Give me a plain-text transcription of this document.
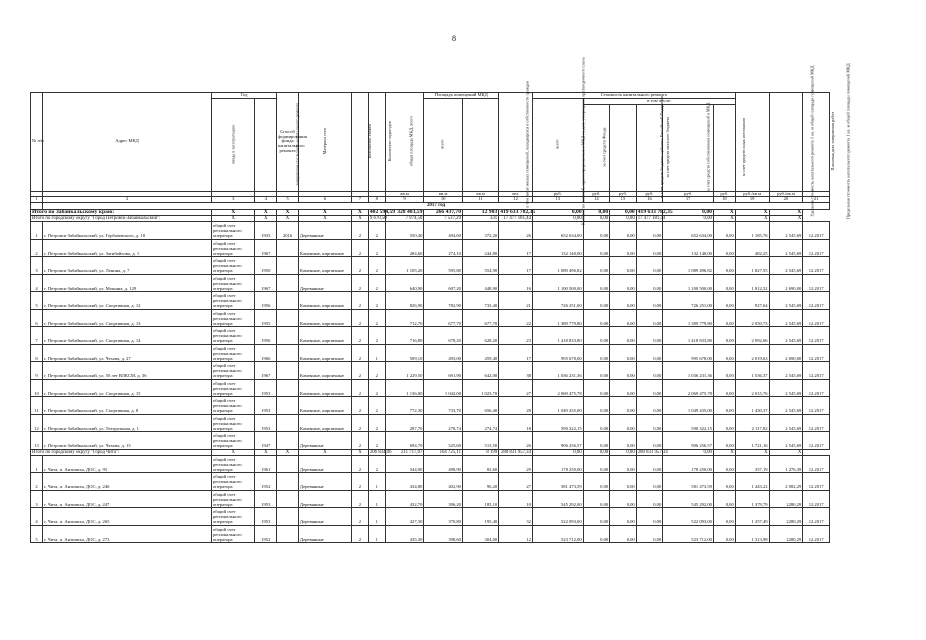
8
№ п/п	Адрес МКД	Год		Способ формирования фонда капитального ремонта	Материал стен	Количество этажей	Количество подъездов	общая площадь МКД, всего	Площадь помещений МКД		Количество жителей, зарегистрированных в МКД на дату утверждения краткосрочного плана	Стоимость капитального ремонта						Удельная стоимость капитального ремонта 1 кв. м общей площади помещений МКД	Предельная стоимость капитального ремонта 1 кв. м общей площади помещений МКД	Плановая дата завершения работ
		ввода в эксплуатацию	завершения последнего капитального ремонта						всего	в том числе жилых помещений, находящихся в собственности граждан		всего	в том числе:							
													за счет средств Фонда	за счет средств бюджета субъекта Российской Федерации	за счет средств местного бюджета	за счет средств собственников помещений в МКД	за счет средств иных источников			
								кв.м	кв.м	кв.м	чел.	руб.	руб.	руб.	руб.	руб.	руб.	руб./кв.м	руб./кв.м	
1	2	3	4	5	6	7	8	9	10	11	12	13	14	15	16	17	18	19	20	21
	2017 год																			
Итого по Забайкальскому краю:		X	X	X	X	X	402 594,59	328 483,59	266 437,70	12 903	419 633 782,35	0,00	0,00	0,00	419 633 782,35	0,00	X	X	X	
Итого по городскому округу "Город Петровск-Забайкальский":		X	X	X	X	X	9 670,50	7 974,50	7 537,29	331	17 477 181,44	0,00	0,00	0,00	17 477 181,44	0,00	X	X	X	
1	г. Петровск-Забайкальский, ул. Горбачевского, д. 18	общий счет регионального оператора	1933	2016	Деревянные	2	2	550,40	494,60	372,20	26	652 634,00	0,00	0,00	0,00	652 634,00	0,00	1 185,76	2 545,69	12.2017
2	г. Петровск-Забайкальский, ул. Загибайлова, д. 1	общий счет регионального оператора	1967		Каменные, кирпичные	2	2	284,60	274,10	244,80	17	132 140,00	0,00	0,00	0,00	132 140,00	0,00	482,25	2 545,69	12.2017
3	г. Петровск-Забайкальский, ул. Ленина, д. 7	общий счет регионального оператора	1950		Каменные, кирпичные	2	2	1 105,20	595,80	554,90	17	1 089 496,82	0,00	0,00	0,00	1 089 496,82	0,00	1 827,55	2 545,69	12.2017
4	г. Петровск-Забайкальский, ул. Мошина, д. 129	общий счет регионального оператора	1967		Деревянные	2	2	640,90	607,20	448,90	16	1 100 500,00	0,00	0,00	0,00	1 100 500,00	0,00	1 812,52	2 690,00	12.2017
5	г. Петровск-Забайкальский, ул. Спортивная, д. 12	общий счет регионального оператора	1956		Каменные, кирпичные	2	2	826,90	782,90	733,40	21	726 251,00	0,00	0,00	0,00	726 251,00	0,00	927,64	2 545,69	12.2017
6	г. Петровск-Забайкальский, ул. Спортивная, д. 13	общий счет регионального оператора	1955		Каменные, кирпичные	2	2	712,70	677,70	677,70	22	1 389 779,80	0,00	0,00	0,00	1 389 779,80	0,00	2 050,73	2 545,69	12.2017
7	г. Петровск-Забайкальский, ул. Спортивная, д. 14	общий счет регионального оператора	1956		Каменные, кирпичные	2	2	716,80	678,20	628,20	23	1 418 833,80	0,00	0,00	0,00	1 418 833,80	0,00	2 092,06	2 545,69	12.2017
8	г. Петровск-Забайкальский, ул. Чехова, д. 27	общий счет регионального оператора	1966		Каменные, кирпичные	2	1	509,10	493,00	459,40	17	995 678,00	0,00	0,00	0,00	995 678,00	0,00	2 019,63	2 690,00	12.2017
9	г. Петровск-Забайкальский, ул. 50 лет ВЛКСМ, д. 36	общий счет регионального оператора	1967		Каменные, кирпичные	2	2	1 229,50	691,90	642,00	38	1 036 231,36	0,00	0,00	0,00	1 036 231,36	0,00	1 536,37	2 545,69	12.2017
10	г. Петровск-Забайкальский, ул. Спортивная, д. 15	общий счет регионального оператора	1953		Каменные, кирпичные	2	2	1 136,00	1 042,00	1 023,70	27	2 069 475,78	0,00	0,00	0,00	2 069 475,78	0,00	2 015,76	2 545,69	12.2017
11	г. Петровск-Забайкальский, ул. Спортивная, д. 8	общий счет регионального оператора	1953		Каменные, кирпичные	2	2	772,30	733,70	656,40	28	1 049 435,00	0,00	0,00	0,00	1 049 435,00	0,00	1 430,37	2 545,69	12.2017
12	г. Петровск-Забайкальский, ул. Театральная, д. 1	общий счет регионального оператора	1953		Каменные, кирпичные	2	2	287,70	278,74	274,74	18	590 322,15	0,00	0,00	0,00	590 322,15	0,00	2 117,82	2 545,69	12.2017
13	г. Петровск-Забайкальский, ул. Чехова, д. 15	общий счет регионального оператора	1947		Деревянные	2	2	694,70	525,60	513,50	26	906 256,57	0,00	0,00	0,00	906 256,57	0,00	1 721,16	2 545,69	12.2017
Итого по городскому округу "Город Чита":		X	X	X	X	X	206 834,06	211 717,07	164 725,11	8 199	280 831 957,34	0,00	0,00	0,00	280 831 957,34	0,00	X	X	X	
1	г. Чита, п. Антипиха, ДОС, д. 95	общий счет регионального оператора	1961		Деревянные	2	2	344,90	498,90	82,60	29	178 250,00	0,00	0,00	0,00	178 250,00	0,00	357,19	1 276,39	12.2017
2	г. Чита, п. Антипиха, ДОС, д. 246	общий счет регионального оператора	1952		Деревянные	2	1	434,80	402,90	96,20	27	581 473,59	0,00	0,00	0,00	581 473,59	0,00	1 443,22	2 082,29	12.2017
3	г. Чита, п. Антипиха, ДОС, д. 247	общий счет регионального оператора	1953		Деревянные	2	1	432,70	396,20	185,10	10	545 292,00	0,00	0,00	0,00	545 292,00	0,00	1 379,79	2280,29	12.2017
4	г. Чита, п. Антипиха, ДОС, д. 265	общий счет регионального оператора	1953		Деревянные	2	1	427,30	370,80	195,40	32	522 093,00	0,00	0,00	0,00	522 093,00	0,00	1 257,49	2280,29	12.2017
5	г. Чита, п. Антипиха, ДОС, д. 273	общий счет регионального оператора	1952		Деревянные	2	1	435,30	398,60	304,00	12	523 712,00	0,00	0,00	0,00	523 712,00	0,00	1 313,98	2280,29	12.2017
